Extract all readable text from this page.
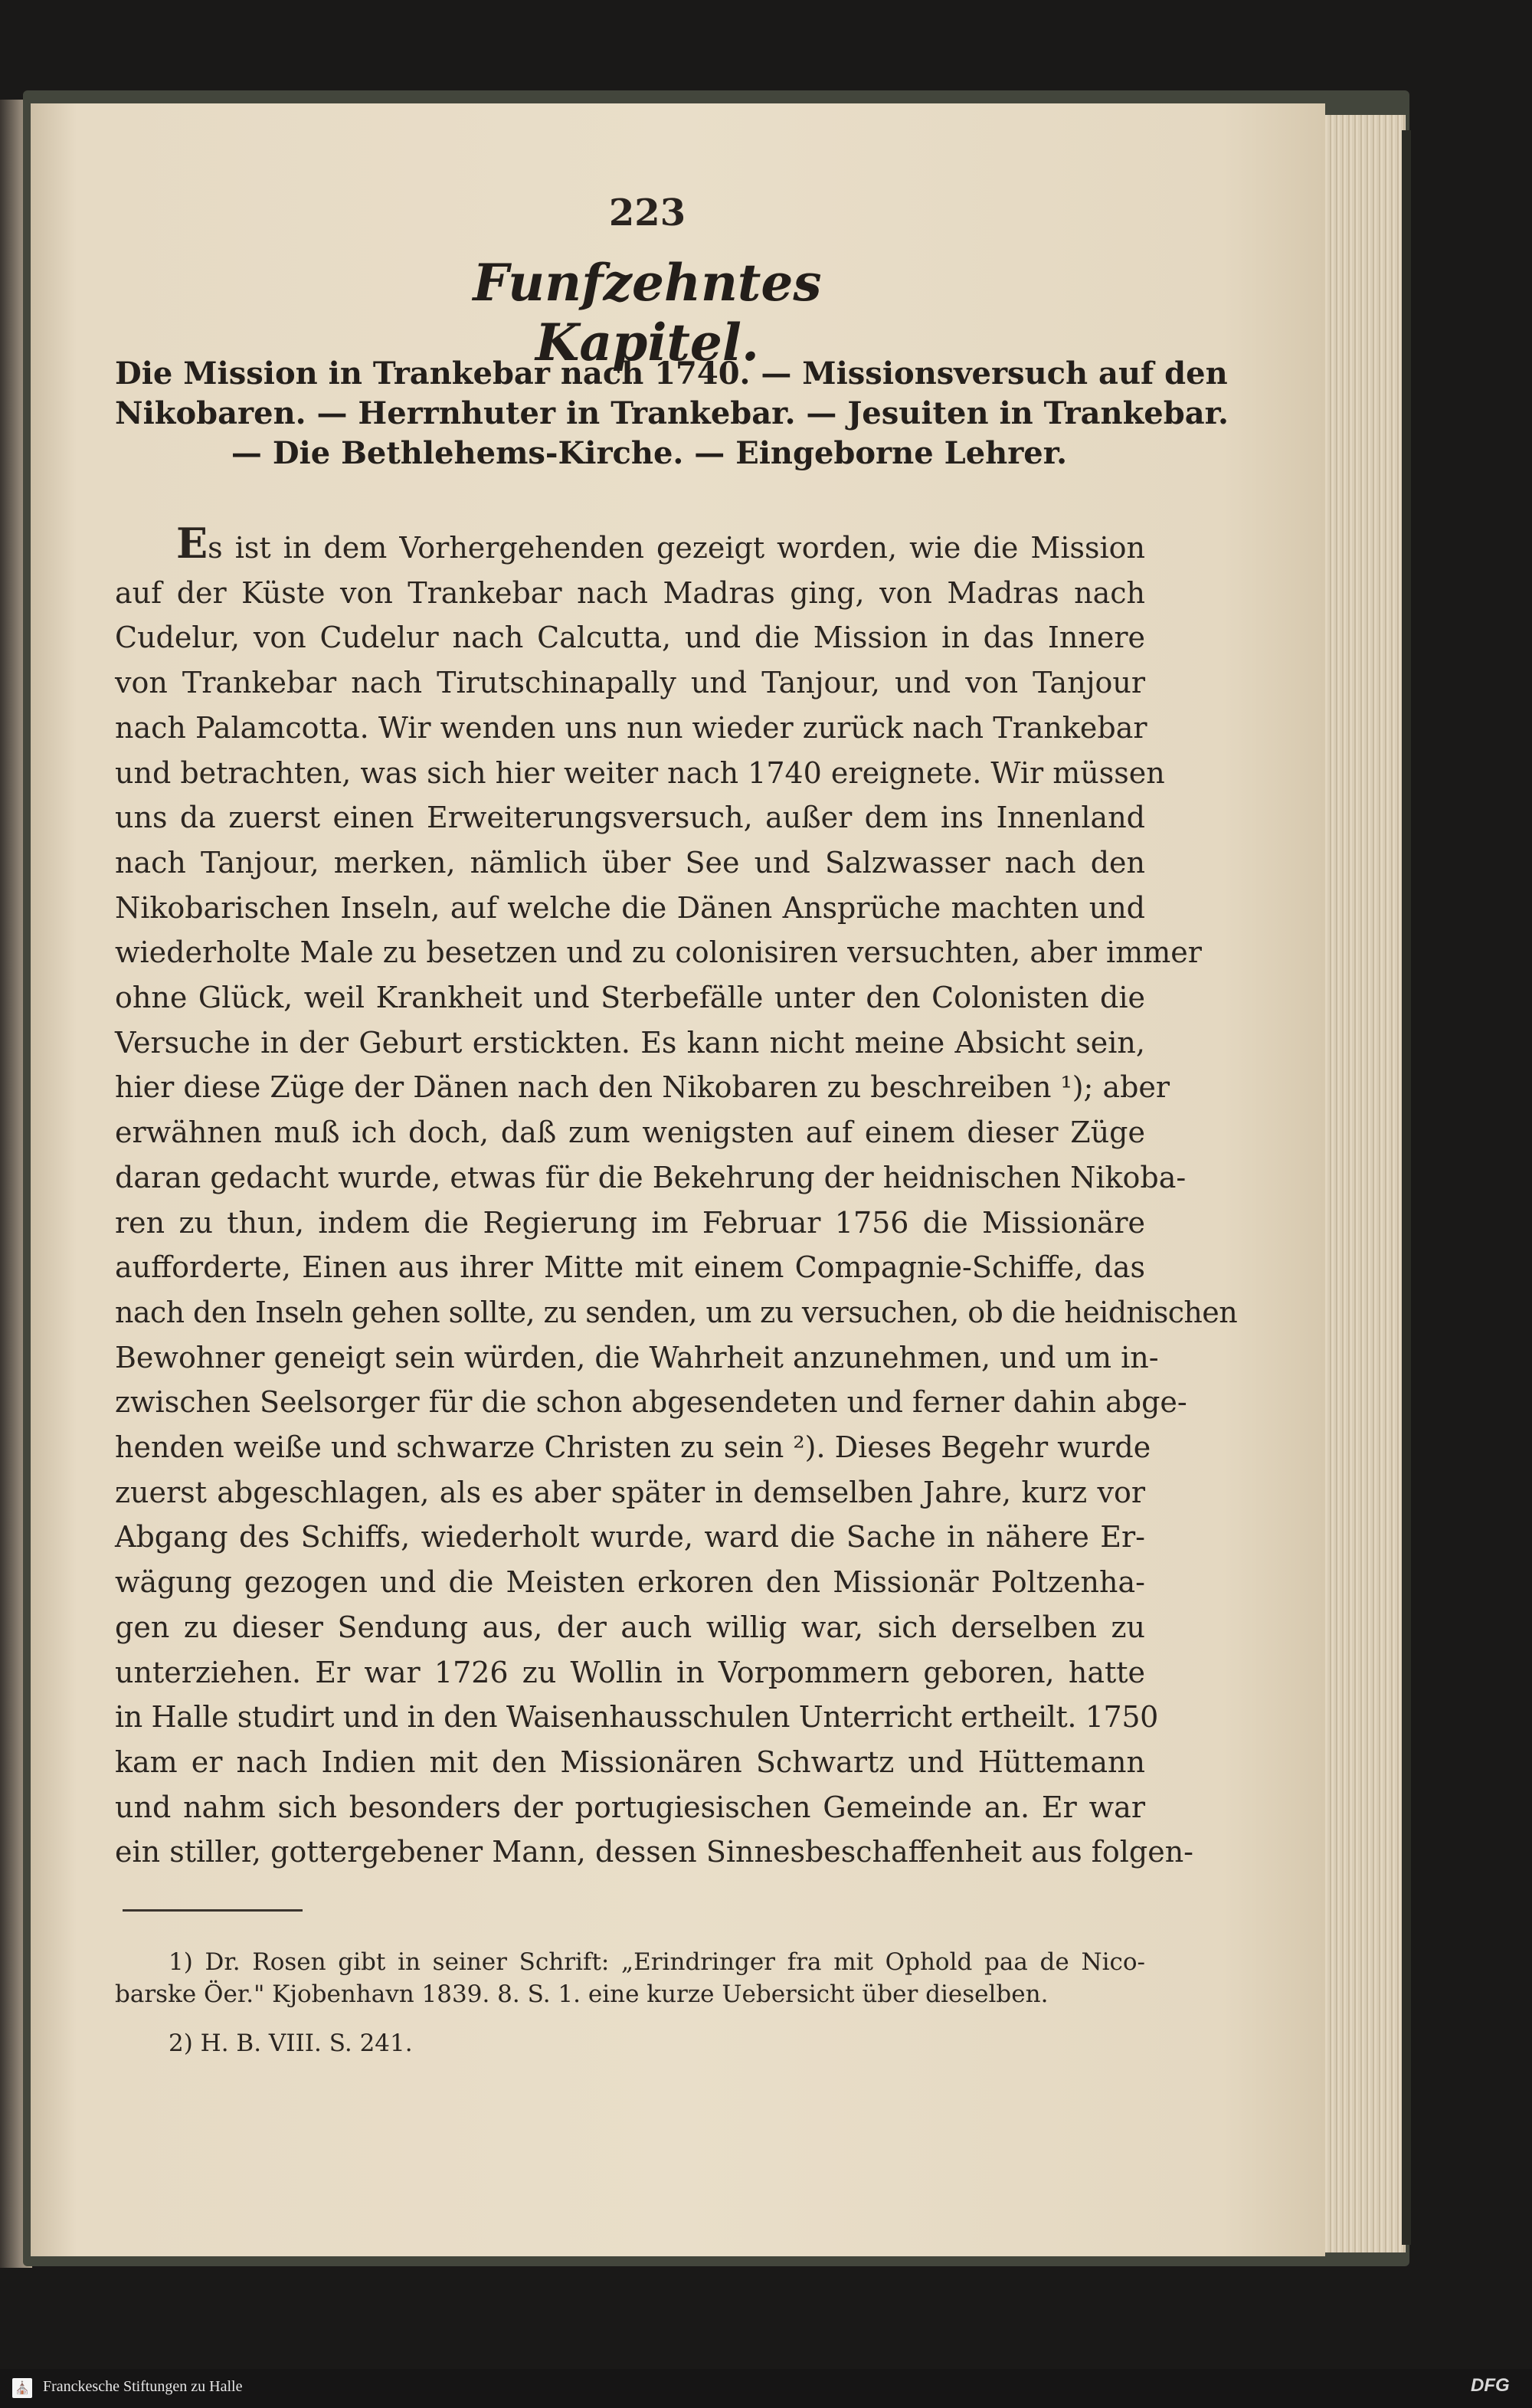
223
Funfzehntes Kapitel.
Die Mission in Trankebar nach 1740. — Missionsversuch auf den
Nikobaren. — Herrnhuter in Trankebar. — Jesuiten in Trankebar.
— Die Bethlehems-Kirche. — Eingeborne Lehrer.
Es ist in dem Vorhergehenden gezeigt worden, wie die Mission
auf der Küste von Trankebar nach Madras ging, von Madras nach
Cudelur, von Cudelur nach Calcutta, und die Mission in das Innere
von Trankebar nach Tirutschinapally und Tanjour, und von Tanjour
nach Palamcotta. Wir wenden uns nun wieder zurück nach Trankebar
und betrachten, was sich hier weiter nach 1740 ereignete. Wir müssen
uns da zuerst einen Erweiterungsversuch, außer dem ins Innenland
nach Tanjour, merken, nämlich über See und Salzwasser nach den
Nikobarischen Inseln, auf welche die Dänen Ansprüche machten und
wiederholte Male zu besetzen und zu colonisiren versuchten, aber immer
ohne Glück, weil Krankheit und Sterbefälle unter den Colonisten die
Versuche in der Geburt erstickten. Es kann nicht meine Absicht sein,
hier diese Züge der Dänen nach den Nikobaren zu beschreiben ¹); aber
erwähnen muß ich doch, daß zum wenigsten auf einem dieser Züge
daran gedacht wurde, etwas für die Bekehrung der heidnischen Nikoba-
ren zu thun, indem die Regierung im Februar 1756 die Missionäre
aufforderte, Einen aus ihrer Mitte mit einem Compagnie-Schiffe, das
nach den Inseln gehen sollte, zu senden, um zu versuchen, ob die heidnischen
Bewohner geneigt sein würden, die Wahrheit anzunehmen, und um in-
zwischen Seelsorger für die schon abgesendeten und ferner dahin abge-
henden weiße und schwarze Christen zu sein ²). Dieses Begehr wurde
zuerst abgeschlagen, als es aber später in demselben Jahre, kurz vor
Abgang des Schiffs, wiederholt wurde, ward die Sache in nähere Er-
wägung gezogen und die Meisten erkoren den Missionär Poltzenha-
gen zu dieser Sendung aus, der auch willig war, sich derselben zu
unterziehen. Er war 1726 zu Wollin in Vorpommern geboren, hatte
in Halle studirt und in den Waisenhausschulen Unterricht ertheilt. 1750
kam er nach Indien mit den Missionären Schwartz und Hüttemann
und nahm sich besonders der portugiesischen Gemeinde an. Er war
ein stiller, gottergebener Mann, dessen Sinnesbeschaffenheit aus folgen-
1) Dr. Rosen gibt in seiner Schrift: „Erindringer fra mit Ophold paa de Nico-
barske Öer." Kjobenhavn 1839. 8. S. 1. eine kurze Uebersicht über dieselben.
2) H. B. VIII. S. 241.
⛪ Franckesche Stiftungen zu Halle	DFG
